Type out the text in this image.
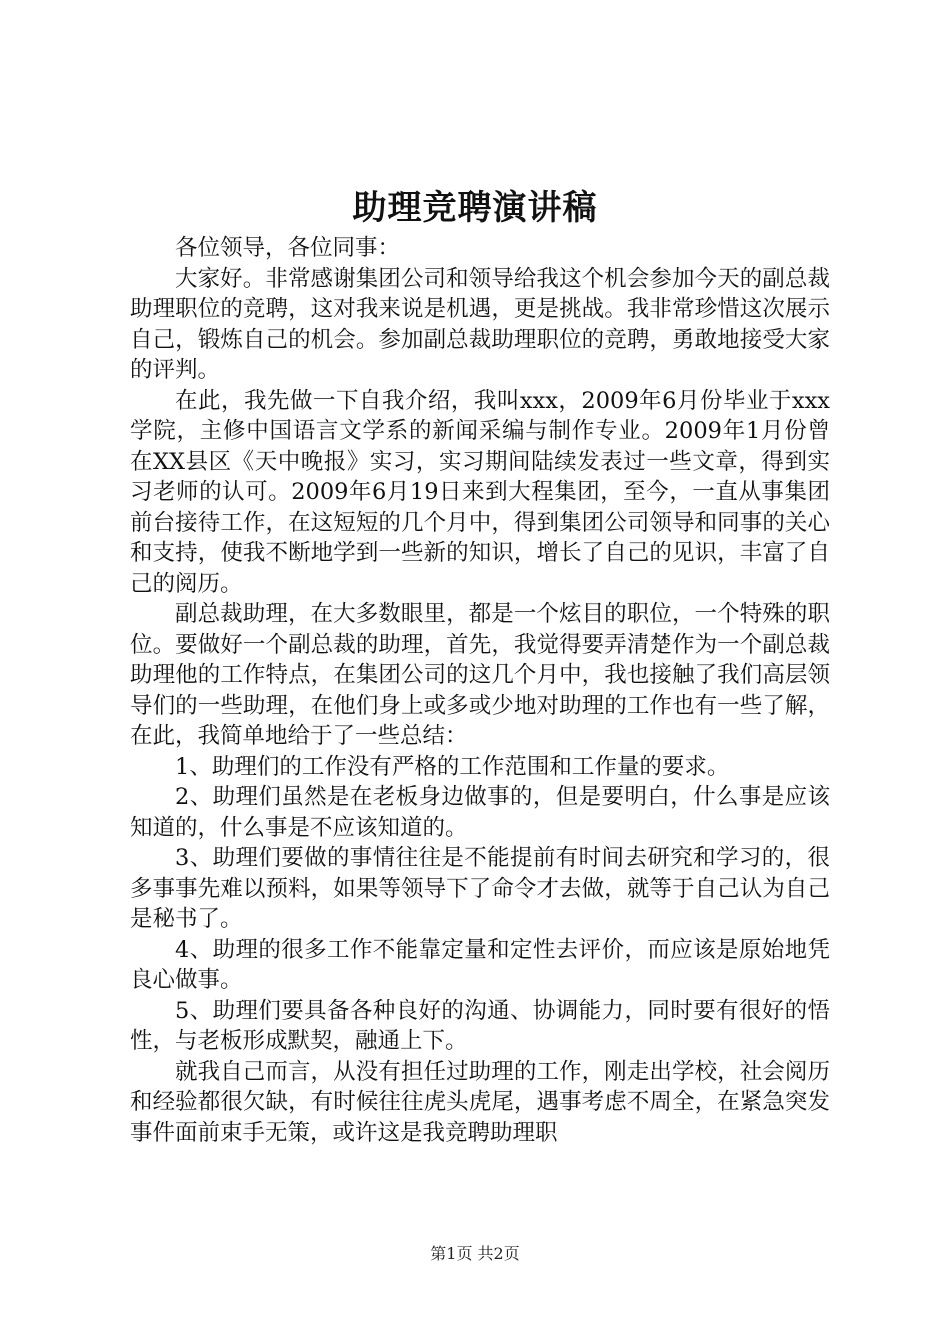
助理竞聘演讲稿

各位领导，各位同事：

大家好。非常感谢集团公司和领导给我这个机会参加今天的副总裁助理职位的竞聘，这对我来说是机遇，更是挑战。我非常珍惜这次展示自己，锻炼自己的机会。参加副总裁助理职位的竞聘，勇敢地接受大家的评判。

在此，我先做一下自我介绍，我叫xxx，2009年6月份毕业于xxx学院，主修中国语言文学系的新闻采编与制作专业。2009年1月份曾在XX县区《天中晚报》实习，实习期间陆续发表过一些文章，得到实习老师的认可。2009年6月19日来到大程集团，至今，一直从事集团前台接待工作，在这短短的几个月中，得到集团公司领导和同事的关心和支持，使我不断地学到一些新的知识，增长了自己的见识，丰富了自己的阅历。

副总裁助理，在大多数眼里，都是一个炫目的职位，一个特殊的职位。要做好一个副总裁的助理，首先，我觉得要弄清楚作为一个副总裁助理他的工作特点，在集团公司的这几个月中，我也接触了我们高层领导们的一些助理，在他们身上或多或少地对助理的工作也有一些了解，在此，我简单地给于了一些总结：

1、助理们的工作没有严格的工作范围和工作量的要求。

2、助理们虽然是在老板身边做事的，但是要明白，什么事是应该知道的，什么事是不应该知道的。

3、助理们要做的事情往往是不能提前有时间去研究和学习的，很多事事先难以预料，如果等领导下了命令才去做，就等于自己认为自己是秘书了。

4、助理的很多工作不能靠定量和定性去评价，而应该是原始地凭良心做事。

5、助理们要具备各种良好的沟通、协调能力，同时要有很好的悟性，与老板形成默契，融通上下。

就我自己而言，从没有担任过助理的工作，刚走出学校，社会阅历和经验都很欠缺，有时候往往虎头虎尾，遇事考虑不周全，在紧急突发事件面前束手无策，或许这是我竞聘助理职

第1页 共2页
